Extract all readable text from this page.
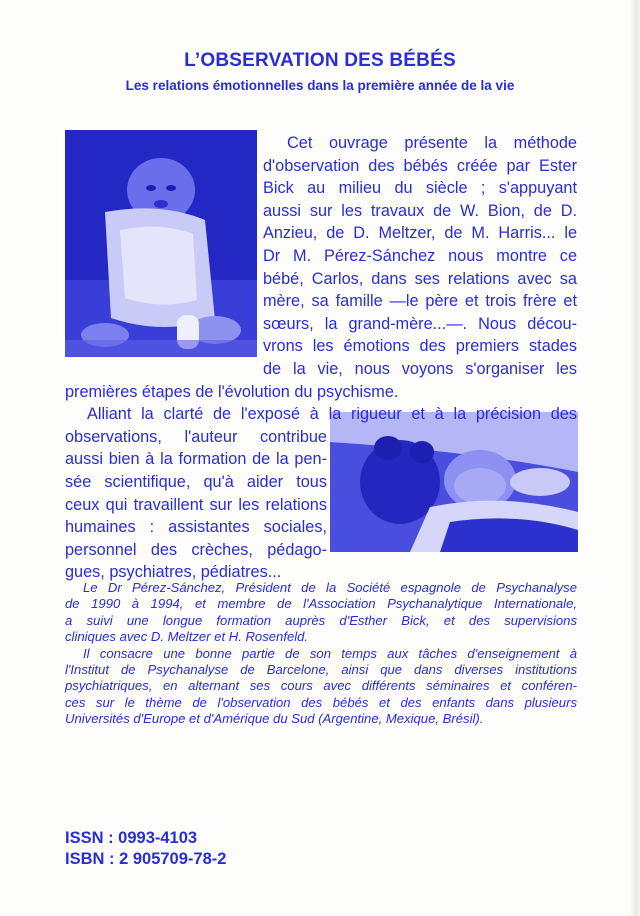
L’OBSERVATION DES BÉBÉS
Les relations émotionnelles dans la première année de la vie
Cet ouvrage présente la méthode
d'observation des bébés créée par Ester
Bick au milieu du siècle ; s'appuyant
aussi sur les travaux de W. Bion, de D.
Anzieu, de D. Meltzer, de M. Harris... le
Dr M. Pérez-Sánchez nous montre ce
bébé, Carlos, dans ses relations avec sa
mère, sa famille —le père et trois frère et
sœurs, la grand-mère...—. Nous décou-
vrons les émotions des premiers stades
de la vie, nous voyons s'organiser les
premières étapes de l'évolution du psychisme.
Alliant la clarté de l'exposé à la rigueur et à la précision des
observations, l'auteur contribue
aussi bien à la formation de la pen-
sée scientifique, qu'à aider tous
ceux qui travaillent sur les relations
humaines : assistantes sociales,
personnel des crèches, pédago-
gues, psychiatres, pédiatres...
Le Dr Pérez-Sánchez, Président de la Société espagnole de Psychanalyse
de 1990 à 1994, et membre de l'Association Psychanalytique Internationale,
a suivi une longue formation auprès d'Esther Bick, et des supervisions
cliniques avec D. Meltzer et H. Rosenfeld.
Il consacre une bonne partie de son temps aux tâches d'enseignement à
l'Institut de Psychanalyse de Barcelone, ainsi que dans diverses institutions
psychiatriques, en alternant ses cours avec différents séminaires et conféren-
ces sur le thème de l'observation des bébés et des enfants dans plusieurs
Universités d'Europe et d'Amérique du Sud (Argentine, Mexique, Brésil).
ISSN : 0993-4103
ISBN : 2 905709-78-2
